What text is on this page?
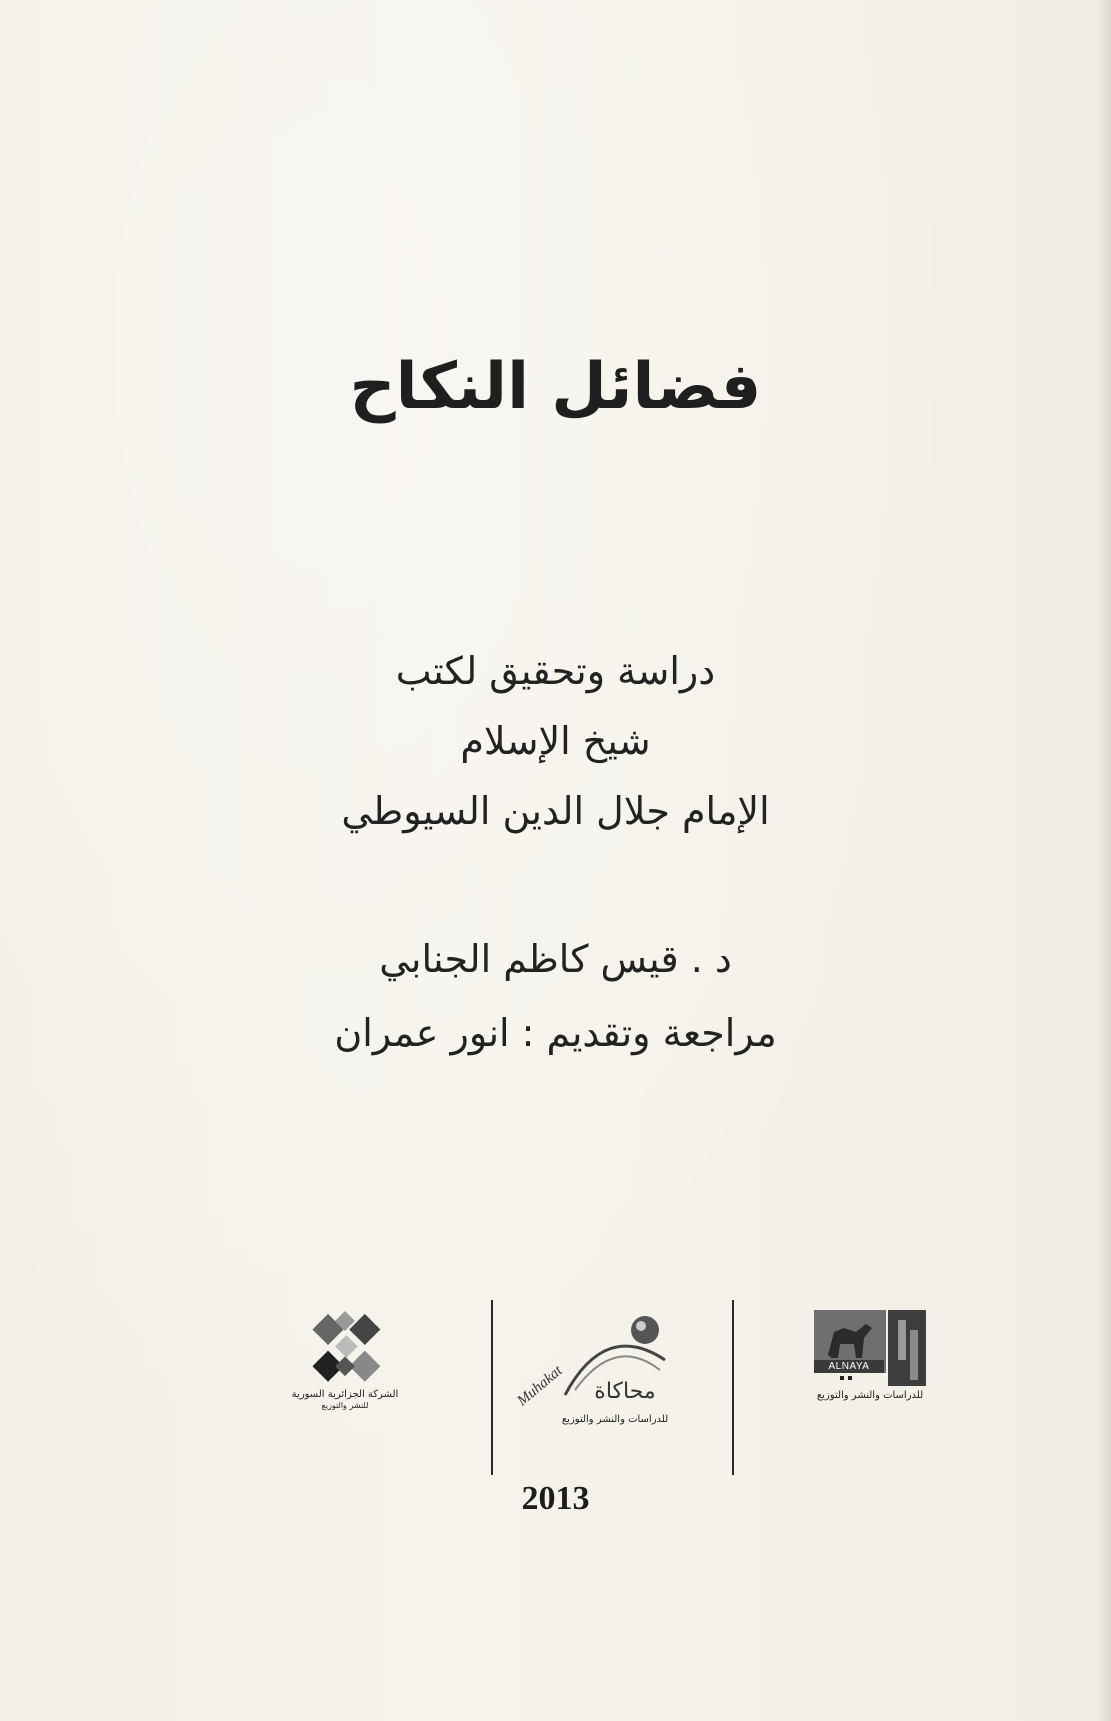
فضائل النكاح
دراسة وتحقيق لكتب
شيخ الإسلام
الإمام جلال الدين السيوطي
د . قيس كاظم الجنابي
مراجعة وتقديم : انور عمران
الشركة الجزائرية السورية
للنشر والتوزيع	Muhakat محاكاة
للدراسات والنشر والتوزيع
ALNAYA
للدراسات والنشر والتوزيع
2013
